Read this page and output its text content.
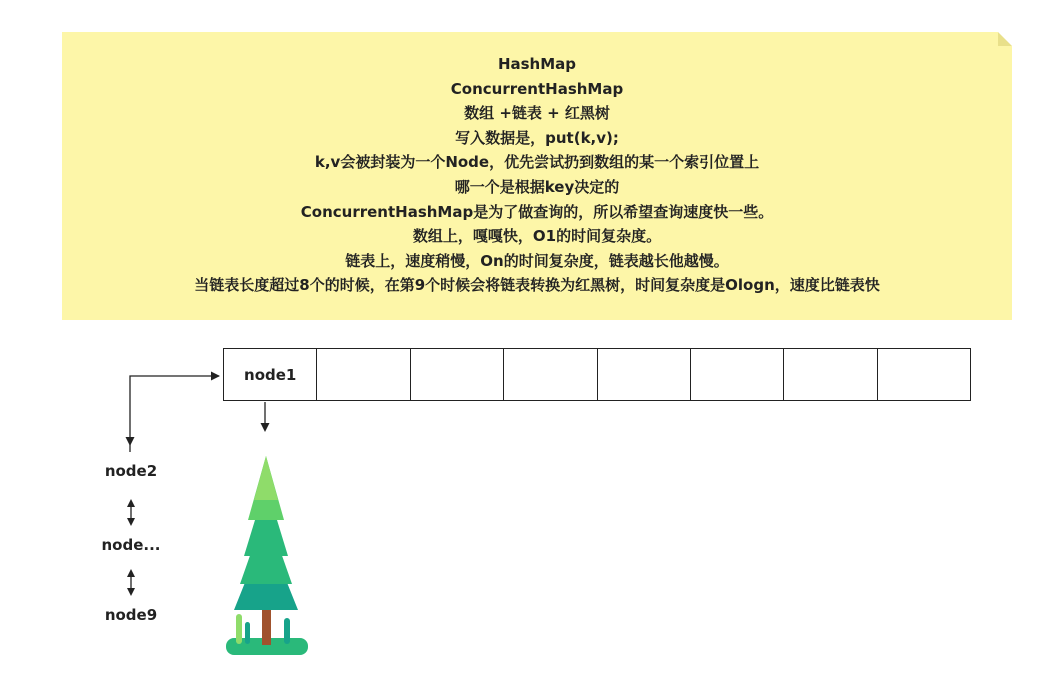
HashMap
ConcurrentHashMap
数组 +链表 + 红黑树
写入数据是，put(k,v);
k,v会被封装为一个Node，优先尝试扔到数组的某一个索引位置上
哪一个是根据key决定的
ConcurrentHashMap是为了做查询的，所以希望查询速度快一些。
数组上，嘎嘎快，O1的时间复杂度。
链表上，速度稍慢，On的时间复杂度，链表越长他越慢。
当链表长度超过8个的时候，在第9个时候会将链表转换为红黑树，时间复杂度是Ologn，速度比链表快
node1
node2
node...
node9
